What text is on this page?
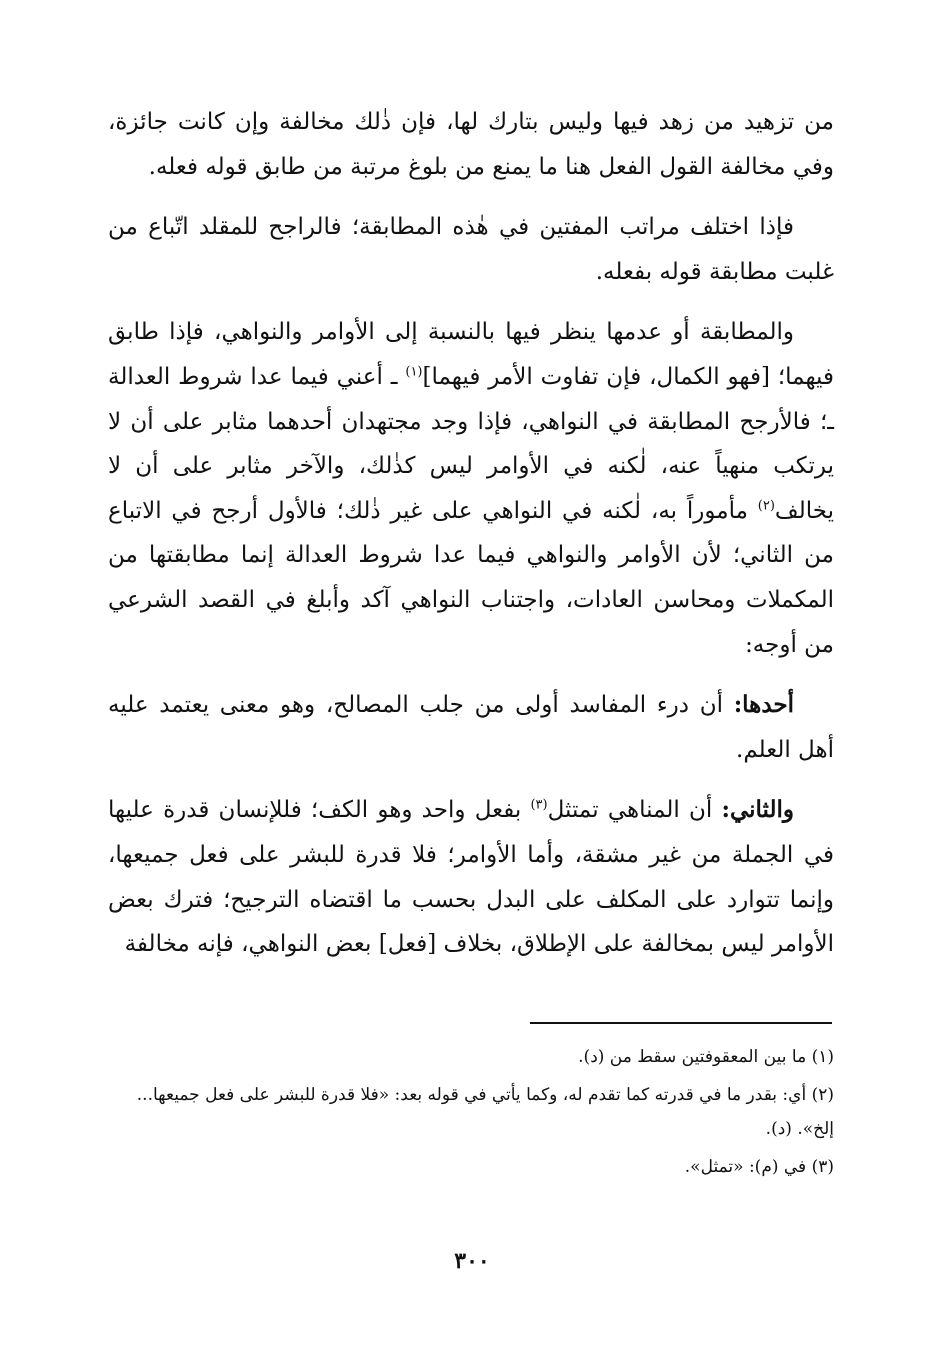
من تزهيد من زهد فيها وليس بتارك لها، فإن ذٰلك مخالفة وإن كانت جائزة، وفي مخالفة القول الفعل هنا ما يمنع من بلوغ مرتبة من طابق قوله فعله.

فإذا اختلف مراتب المفتين في هٰذه المطابقة؛ فالراجح للمقلد اتّباع من غلبت مطابقة قوله بفعله.

والمطابقة أو عدمها ينظر فيها بالنسبة إلى الأوامر والنواهي، فإذا طابق فيهما؛ [فهو الكمال، فإن تفاوت الأمر فيهما]$^{(١)}$ ـ أعني فيما عدا شروط العدالة ـ؛ فالأرجح المطابقة في النواهي، فإذا وجد مجتهدان أحدهما مثابر على أن لا يرتكب منهياً عنه، لٰكنه في الأوامر ليس كذٰلك، والآخر مثابر على أن لا يخالف$^{(٢)}$ مأموراً به، لٰكنه في النواهي على غير ذٰلك؛ فالأول أرجح في الاتباع من الثاني؛ لأن الأوامر والنواهي فيما عدا شروط العدالة إنما مطابقتها من المكملات ومحاسن العادات، واجتناب النواهي آكد وأبلغ في القصد الشرعي من أوجه:

أحدها: أن درء المفاسد أولى من جلب المصالح، وهو معنى يعتمد عليه أهل العلم.

والثاني: أن المناهي تمتثل$^{(٣)}$ بفعل واحد وهو الكف؛ فللإنسان قدرة عليها في الجملة من غير مشقة، وأما الأوامر؛ فلا قدرة للبشر على فعل جميعها، وإنما تتوارد على المكلف على البدل بحسب ما اقتضاه الترجيح؛ فترك بعض الأوامر ليس بمخالفة على الإطلاق، بخلاف [فعل] بعض النواهي، فإنه مخالفة

(١) ما بين المعقوفتين سقط من (د).

(٢) أي: بقدر ما في قدرته كما تقدم له، وكما يأتي في قوله بعد: «فلا قدرة للبشر على فعل جميعها... إلخ». (د).

(٣) في (م): «تمثل».

٣٠٠
